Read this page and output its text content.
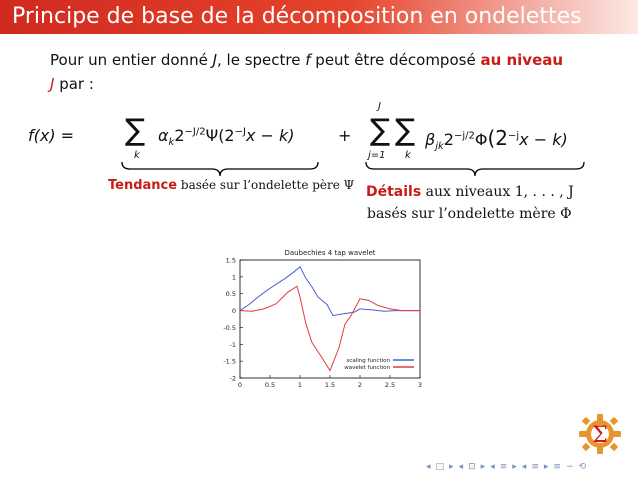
Principe de base de la décomposition en ondelettes
Pour un entier donné J, le spectre f peut être décomposé au niveau J par :
f(x) = ∑
k
$\alpha_k2^{-J/2}\Psi(2^{-J}x - k)$	+
J
∑
j=1
∑
k
$\beta_{jk}2^{-j/2}\Phi(2^{-j}x - k)$
Tendance basée sur l’ondelette père Ψ Détails aux niveaux 1, . . . , J
basés sur l’ondelette mère Φ
Daubechies 4 tap wavelet
1.5
1
0.5
0
-0.5
-1
-1.5
-2
0	0.5	1	1.5	2	2.5	3
scaling function
wavelet function
Σ
◂ □ ▸ ◂ ⊡ ▸ ◂ ≡ ▸ ◂ ≡ ▸ ≡ ∽ ⟲
